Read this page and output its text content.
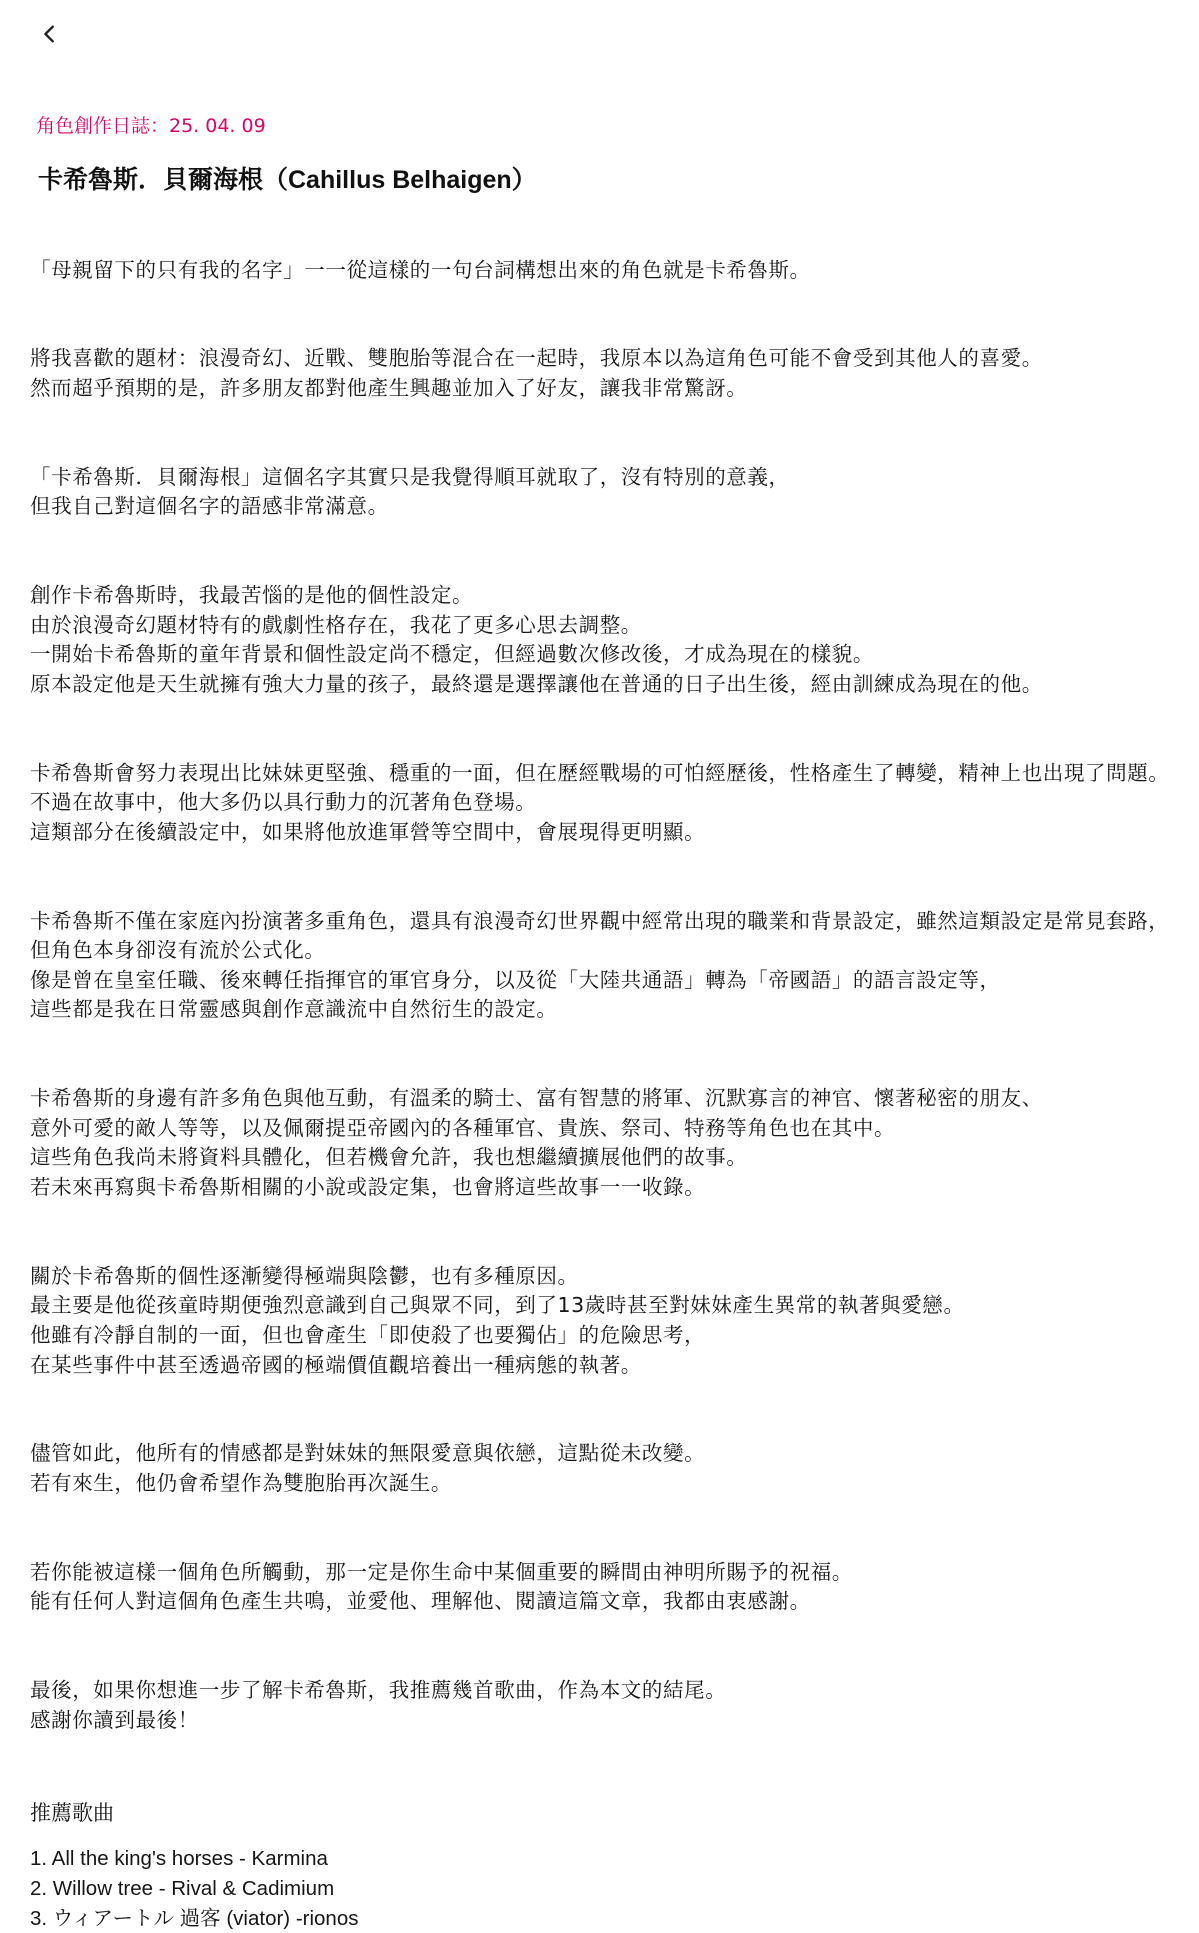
角色創作日誌：25. 04. 09
卡希魯斯．貝爾海根（Cahillus Belhaigen）

「母親留下的只有我的名字」一一從這樣的一句台詞構想出來的角色就是卡希魯斯。

將我喜歡的題材：浪漫奇幻、近戰、雙胞胎等混合在一起時，我原本以為這角色可能不會受到其他人的喜愛。
然而超乎預期的是，許多朋友都對他產生興趣並加入了好友，讓我非常驚訝。

「卡希魯斯．貝爾海根」這個名字其實只是我覺得順耳就取了，沒有特別的意義，
但我自己對這個名字的語感非常滿意。

創作卡希魯斯時，我最苦惱的是他的個性設定。
由於浪漫奇幻題材特有的戲劇性格存在，我花了更多心思去調整。
一開始卡希魯斯的童年背景和個性設定尚不穩定，但經過數次修改後，才成為現在的樣貌。
原本設定他是天生就擁有強大力量的孩子，最終還是選擇讓他在普通的日子出生後，經由訓練成為現在的他。

卡希魯斯會努力表現出比妹妹更堅強、穩重的一面，但在歷經戰場的可怕經歷後，性格產生了轉變，精神上也出現了問題。
不過在故事中，他大多仍以具行動力的沉著角色登場。
這類部分在後續設定中，如果將他放進軍營等空間中，會展現得更明顯。

卡希魯斯不僅在家庭內扮演著多重角色，還具有浪漫奇幻世界觀中經常出現的職業和背景設定，雖然這類設定是常見套路，但角色本身卻沒有流於公式化。
像是曾在皇室任職、後來轉任指揮官的軍官身分，以及從「大陸共通語」轉為「帝國語」的語言設定等，
這些都是我在日常靈感與創作意識流中自然衍生的設定。

卡希魯斯的身邊有許多角色與他互動，有溫柔的騎士、富有智慧的將軍、沉默寡言的神官、懷著秘密的朋友、
意外可愛的敵人等等，以及佩爾提亞帝國內的各種軍官、貴族、祭司、特務等角色也在其中。
這些角色我尚未將資料具體化，但若機會允許，我也想繼續擴展他們的故事。
若未來再寫與卡希魯斯相關的小說或設定集，也會將這些故事一一收錄。

關於卡希魯斯的個性逐漸變得極端與陰鬱，也有多種原因。
最主要是他從孩童時期便強烈意識到自己與眾不同，到了13歲時甚至對妹妹產生異常的執著與愛戀。
他雖有冷靜自制的一面，但也會產生「即使殺了也要獨佔」的危險思考，
在某些事件中甚至透過帝國的極端價值觀培養出一種病態的執著。

儘管如此，他所有的情感都是對妹妹的無限愛意與依戀，這點從未改變。
若有來生，他仍會希望作為雙胞胎再次誕生。

若你能被這樣一個角色所觸動，那一定是你生命中某個重要的瞬間由神明所賜予的祝福。
能有任何人對這個角色產生共鳴，並愛他、理解他、閱讀這篇文章，我都由衷感謝。

最後，如果你想進一步了解卡希魯斯，我推薦幾首歌曲，作為本文的結尾。
感謝你讀到最後！

推薦歌曲
1. All the king's horses - Karmina
2. Willow tree - Rival & Cadimium
3. ウィアートル 過客 (viator) -rionos
